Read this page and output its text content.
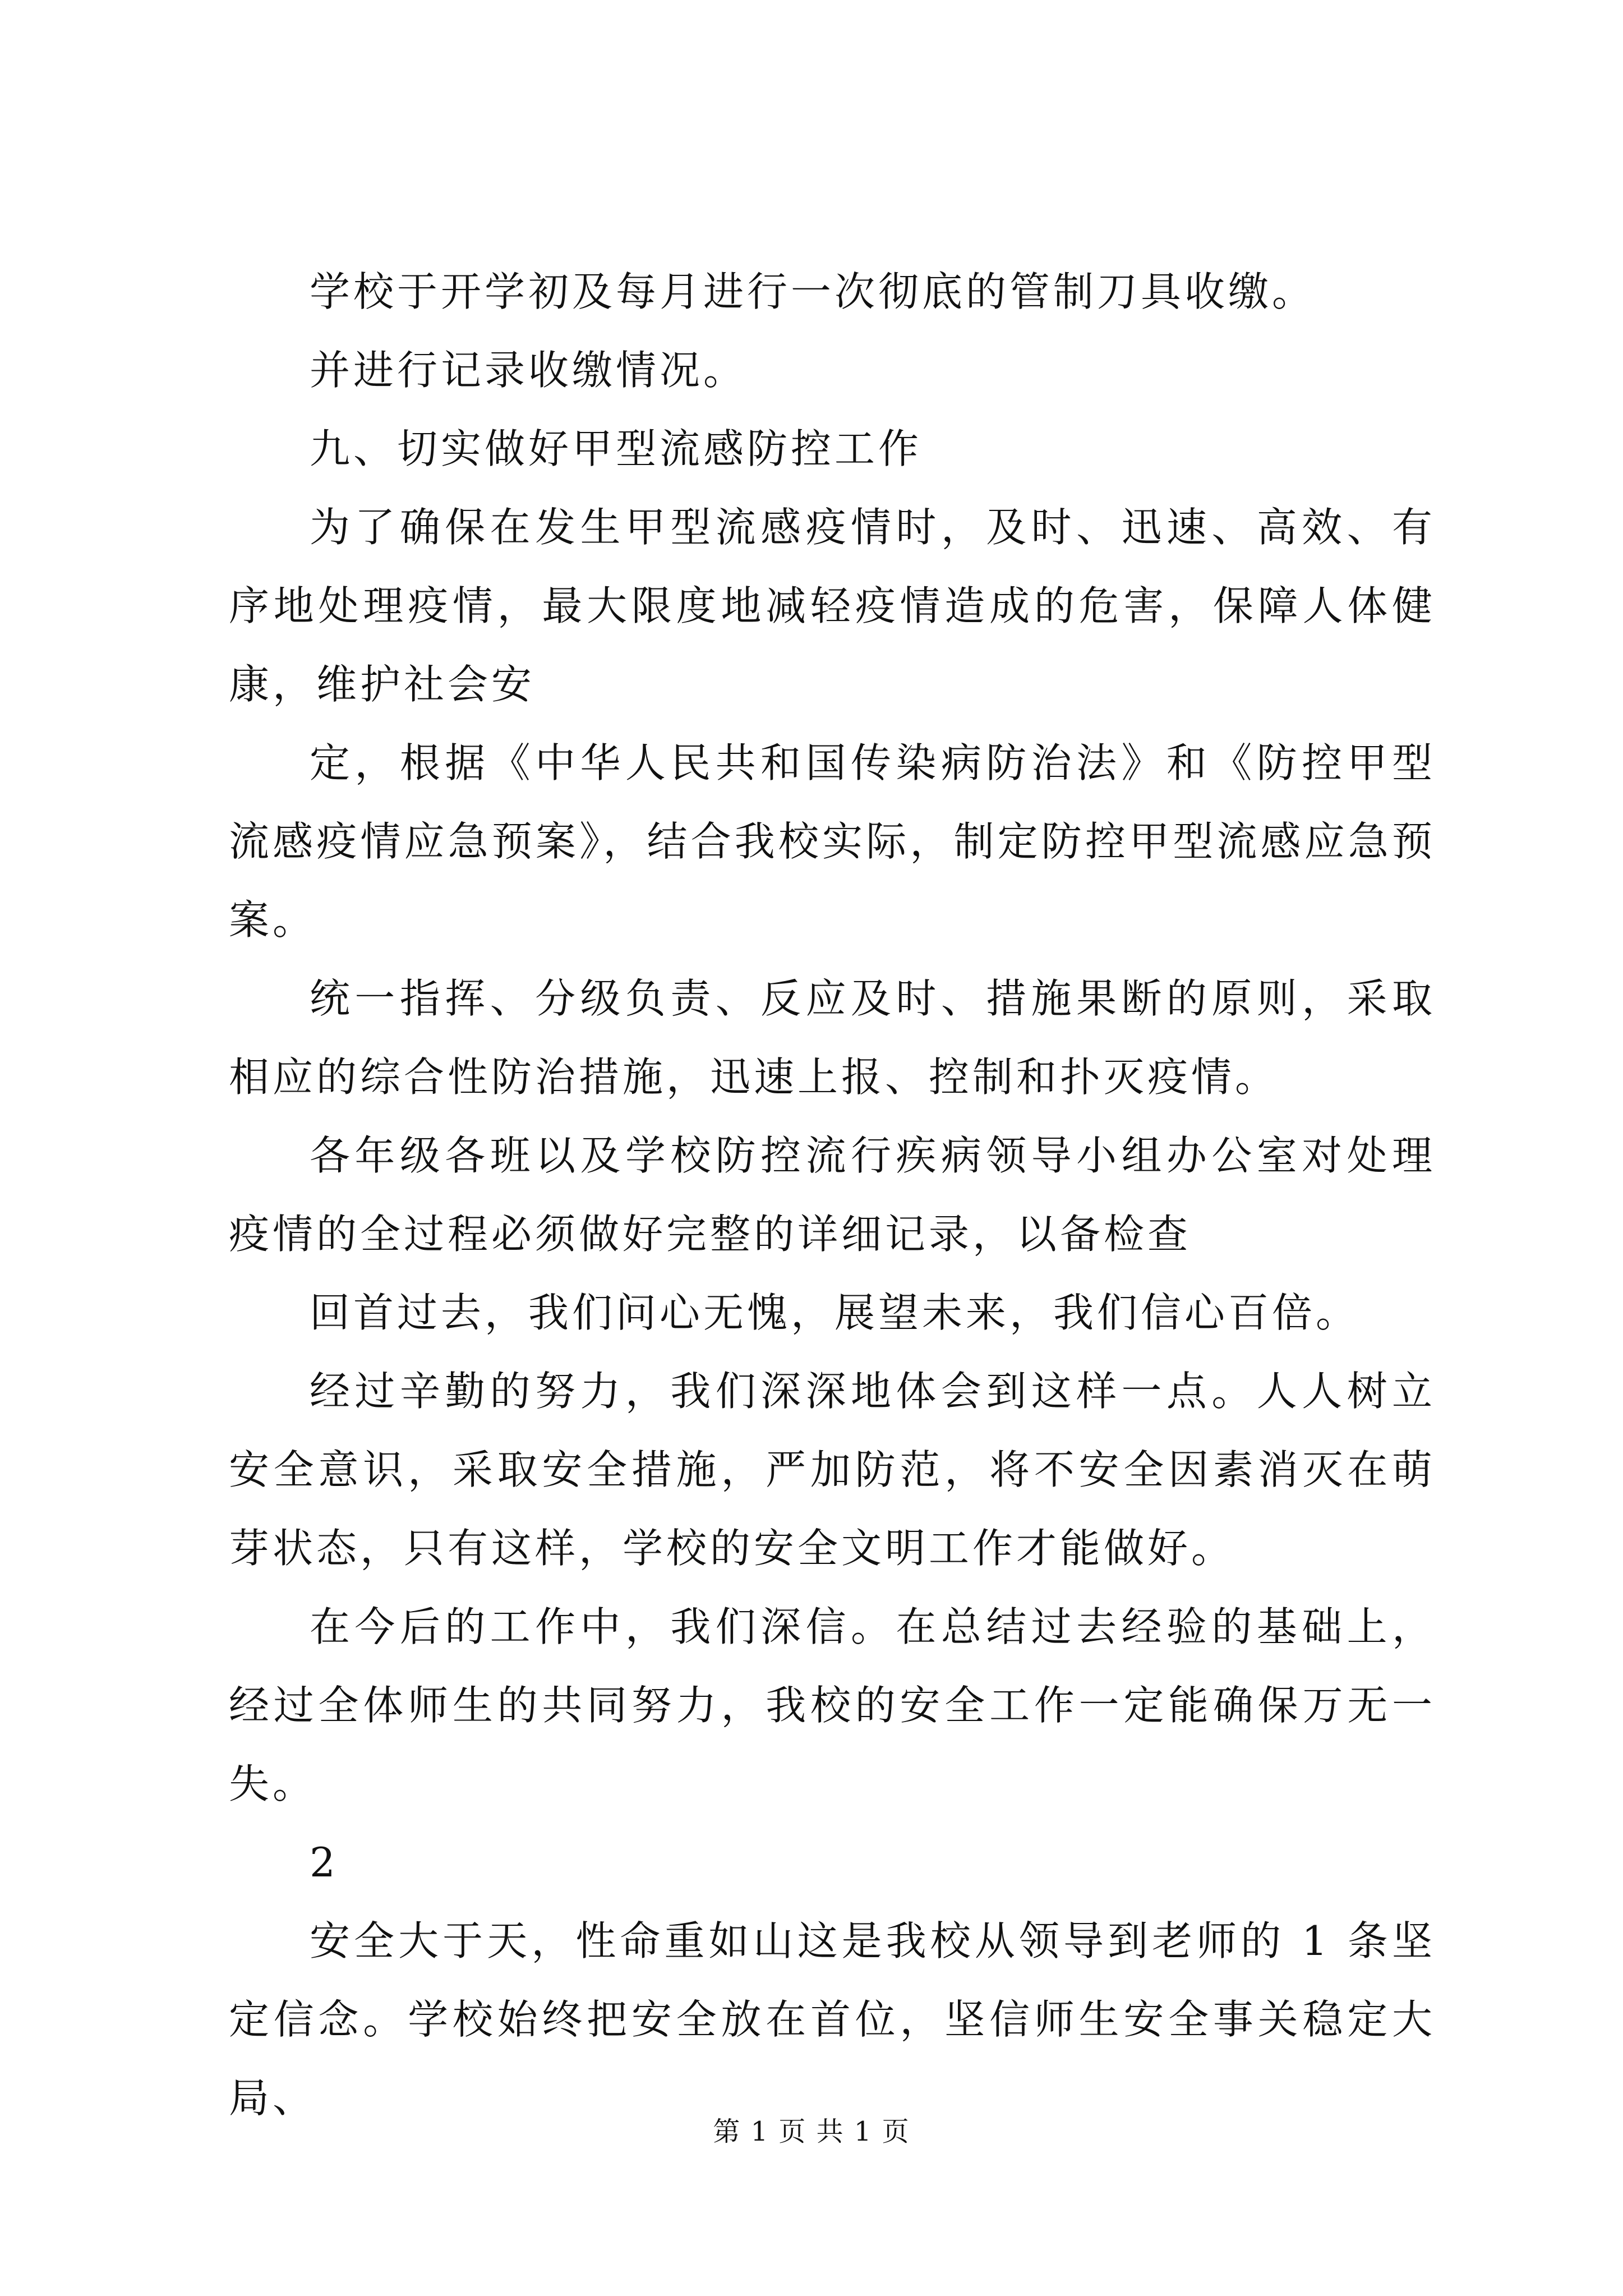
学校于开学初及每月进行一次彻底的管制刀具收缴。

并进行记录收缴情况。

九、切实做好甲型流感防控工作

为了确保在发生甲型流感疫情时，及时、迅速、高效、有序地处理疫情，最大限度地减轻疫情造成的危害，保障人体健康，维护社会安

定，根据《中华人民共和国传染病防治法》和《防控甲型流感疫情应急预案》，结合我校实际，制定防控甲型流感应急预案。

统一指挥、分级负责、反应及时、措施果断的原则，采取相应的综合性防治措施，迅速上报、控制和扑灭疫情。

各年级各班以及学校防控流行疾病领导小组办公室对处理疫情的全过程必须做好完整的详细记录，以备检查

回首过去，我们问心无愧，展望未来，我们信心百倍。

经过辛勤的努力，我们深深地体会到这样一点。人人树立安全意识，采取安全措施，严加防范，将不安全因素消灭在萌芽状态，只有这样，学校的安全文明工作才能做好。

在今后的工作中，我们深信。在总结过去经验的基础上，经过全体师生的共同努力，我校的安全工作一定能确保万无一失。

2

安全大于天，性命重如山这是我校从领导到老师的 1 条坚定信念。学校始终把安全放在首位，坚信师生安全事关稳定大局、

第 1 页 共 1 页
